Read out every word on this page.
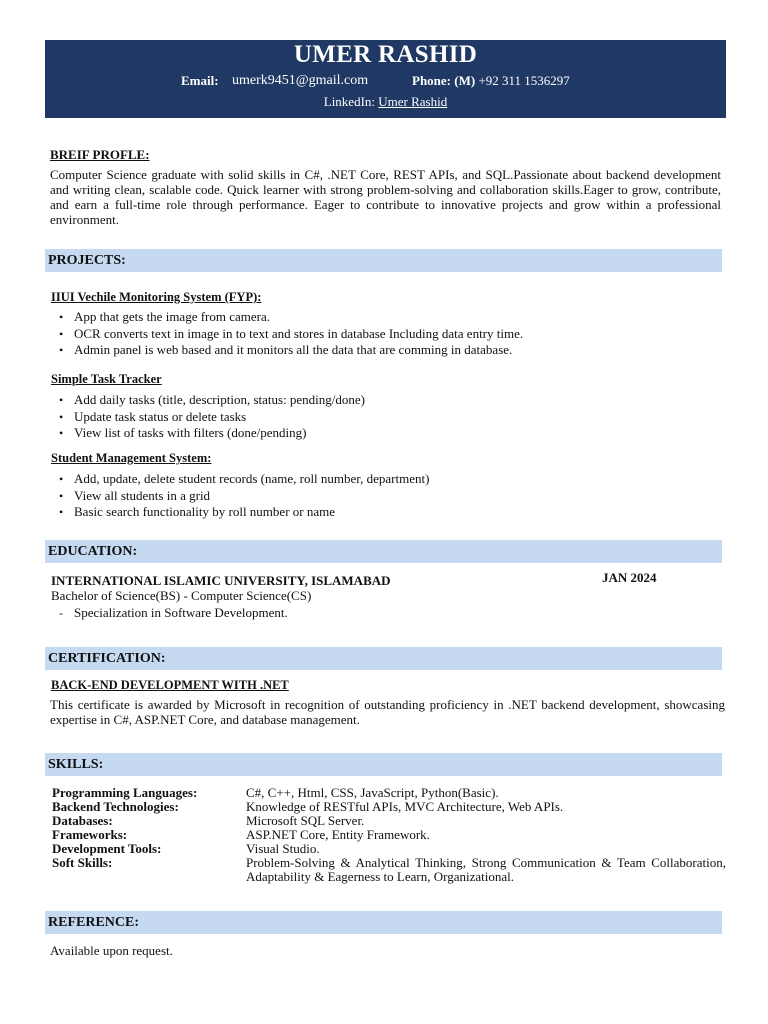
UMER RASHID
Email: umerk9451@gmail.com	Phone: (M) +92 311 1536297
LinkedIn: Umer Rashid
BREIF PROFLE:
Computer Science graduate with solid skills in C#, .NET Core, REST APIs, and SQL.Passionate about backend development and writing clean, scalable code. Quick learner with strong problem-solving and collaboration skills.Eager to grow, contribute, and earn a full-time role through performance. Eager to contribute to innovative projects and grow within a professional environment.
PROJECTS:
IIUI Vechile Monitoring System (FYP):
• App that gets the image from camera.
• OCR converts text in image in to text and stores in database Including data entry time.
• Admin panel is web based and it monitors all the data that are comming in database.
Simple Task Tracker
• Add daily tasks (title, description, status: pending/done)
• Update task status or delete tasks
• View list of tasks with filters (done/pending)
Student Management System:
• Add, update, delete student records (name, roll number, department)
• View all students in a grid
• Basic search functionality by roll number or name
EDUCATION:
INTERNATIONAL ISLAMIC UNIVERSITY, ISLAMABAD	JAN 2024
Bachelor of Science(BS) - Computer Science(CS)
- Specialization in Software Development.
CERTIFICATION:
BACK-END DEVELOPMENT WITH .NET
This certificate is awarded by Microsoft in recognition of outstanding proficiency in .NET backend development, showcasing expertise in C#, ASP.NET Core, and database management.
SKILLS:
Programming Languages:	C#, C++, Html, CSS, JavaScript, Python(Basic).
Backend Technologies:	Knowledge of RESTful APIs, MVC Architecture, Web APIs.
Databases:	Microsoft SQL Server.
Frameworks:	ASP.NET Core, Entity Framework.
Development Tools:	Visual Studio.
Soft Skills:	Problem-Solving & Analytical Thinking, Strong Communication & Team Collaboration, Adaptability & Eagerness to Learn, Organizational.
REFERENCE:
Available upon request.
